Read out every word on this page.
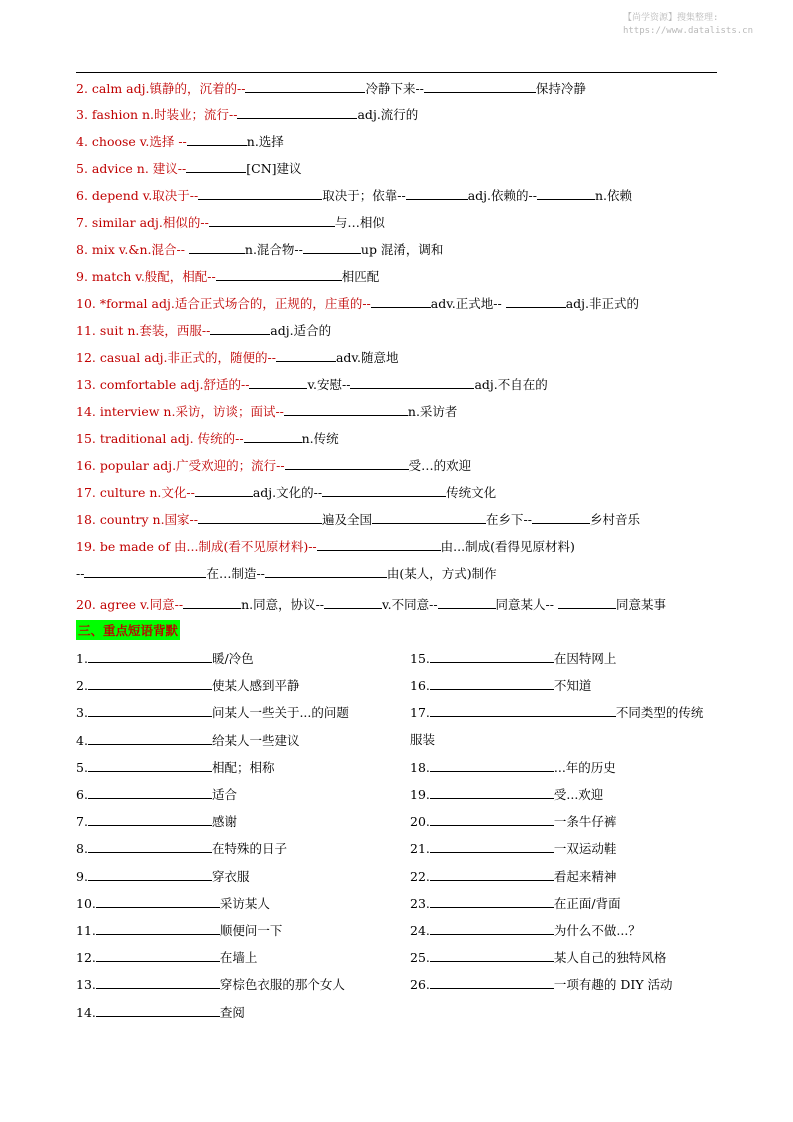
【尚学资源】搜集整理:
https://www.datalists.cn
2. calm adj.镇静的，沉着的--	冷静下来--	保持冷静
3. fashion n.时装业；流行--	adj.流行的
4. choose v.选择 --	n.选择
5. advice n. 建议--	[CN]建议
6. depend v.取决于--	取决于；依靠--	adj.依赖的--	n.依赖
7. similar adj.相似的--	与…相似
8. mix v.&n.混合--	n.混合物--	up 混淆，调和
9. match v.般配，相配--	相匹配
10. *formal adj.适合正式场合的，正规的，庄重的--	adv.正式地--	adj.非正式的
11. suit n.套装，西服--	adj.适合的
12. casual adj.非正式的，随便的--	adv.随意地
13. comfortable adj.舒适的--	v.安慰--	adj.不自在的
14. interview n.采访，访谈；面试--	n.采访者
15. traditional adj. 传统的--	n.传统
16. popular adj.广受欢迎的；流行--	受…的欢迎
17. culture n.文化--	adj.文化的--	传统文化
18. country n.国家--	遍及全国	在乡下--	乡村音乐
19. be made of 由...制成(看不见原材料)--	由...制成(看得见原材料)
--	在…制造--	由(某人，方式)制作
20. agree v.同意--	n.同意，协议--	v.不同意--	同意某人--	同意某事
三、重点短语背默
1.	暖/冷色
2.	使某人感到平静
3.	问某人一些关于...的问题
4.	给某人一些建议
5.	相配；相称
6.	适合
7.	感谢
8.	在特殊的日子
9.	穿衣服
10.	采访某人
11.	顺便问一下
12.	在墙上
13.	穿棕色衣服的那个女人
14.	查阅
15.	在因特网上
16.	不知道
17.	不同类型的传统
服装
18.	...年的历史
19.	受...欢迎
20.	一条牛仔裤
21.	一双运动鞋
22.	看起来精神
23.	在正面/背面
24.	为什么不做...？
25.	某人自己的独特风格
26.	一项有趣的 DIY 活动
